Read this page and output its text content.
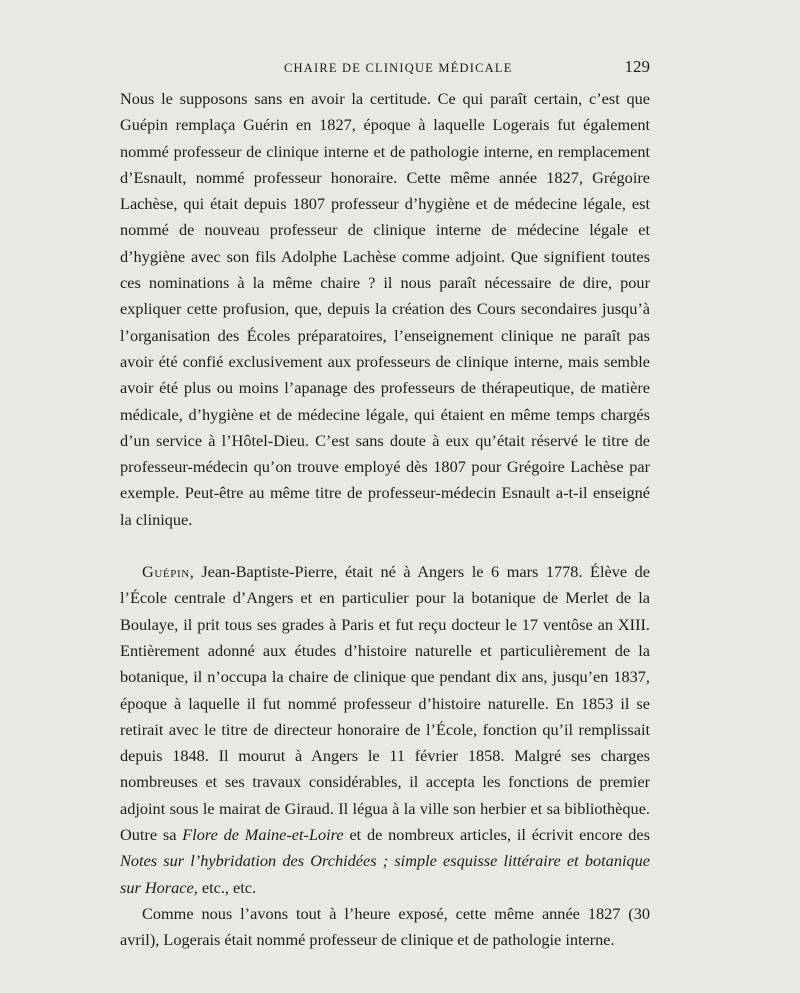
CHAIRE DE CLINIQUE MÉDICALE	129

Nous le supposons sans en avoir la certitude. Ce qui paraît certain, c’est que Guépin remplaça Guérin en 1827, époque à laquelle Logerais fut également nommé professeur de clinique interne et de pathologie interne, en remplacement d’Esnault, nommé professeur honoraire. Cette même année 1827, Grégoire Lachèse, qui était depuis 1807 professeur d’hygiène et de médecine légale, est nommé de nouveau professeur de clinique interne de médecine légale et d’hygiène avec son fils Adolphe Lachèse comme adjoint. Que signifient toutes ces nominations à la même chaire ? il nous paraît nécessaire de dire, pour expliquer cette profusion, que, depuis la création des Cours secondaires jusqu’à l’organisation des Écoles préparatoires, l’enseignement clinique ne paraît pas avoir été confié exclusivement aux professeurs de clinique interne, mais semble avoir été plus ou moins l’apanage des professeurs de thérapeutique, de matière médicale, d’hygiène et de médecine légale, qui étaient en même temps chargés d’un service à l’Hôtel-Dieu. C’est sans doute à eux qu’était réservé le titre de professeur-médecin qu’on trouve employé dès 1807 pour Grégoire Lachèse par exemple. Peut-être au même titre de professeur-médecin Esnault a-t-il enseigné la clinique.

Guépin, Jean-Baptiste-Pierre, était né à Angers le 6 mars 1778. Élève de l’École centrale d’Angers et en particulier pour la botanique de Merlet de la Boulaye, il prit tous ses grades à Paris et fut reçu docteur le 17 ventôse an XIII. Entièrement adonné aux études d’histoire naturelle et particulièrement de la botanique, il n’occupa la chaire de clinique que pendant dix ans, jusqu’en 1837, époque à laquelle il fut nommé professeur d’histoire naturelle. En 1853 il se retirait avec le titre de directeur honoraire de l’École, fonction qu’il remplissait depuis 1848. Il mourut à Angers le 11 février 1858. Malgré ses charges nombreuses et ses travaux considérables, il accepta les fonctions de premier adjoint sous le mairat de Giraud. Il légua à la ville son herbier et sa bibliothèque. Outre sa Flore de Maine-et-Loire et de nombreux articles, il écrivit encore des Notes sur l’hybridation des Orchidées ; simple esquisse littéraire et botanique sur Horace, etc., etc.

Comme nous l’avons tout à l’heure exposé, cette même année 1827 (30 avril), Logerais était nommé professeur de clinique et de pathologie interne.
